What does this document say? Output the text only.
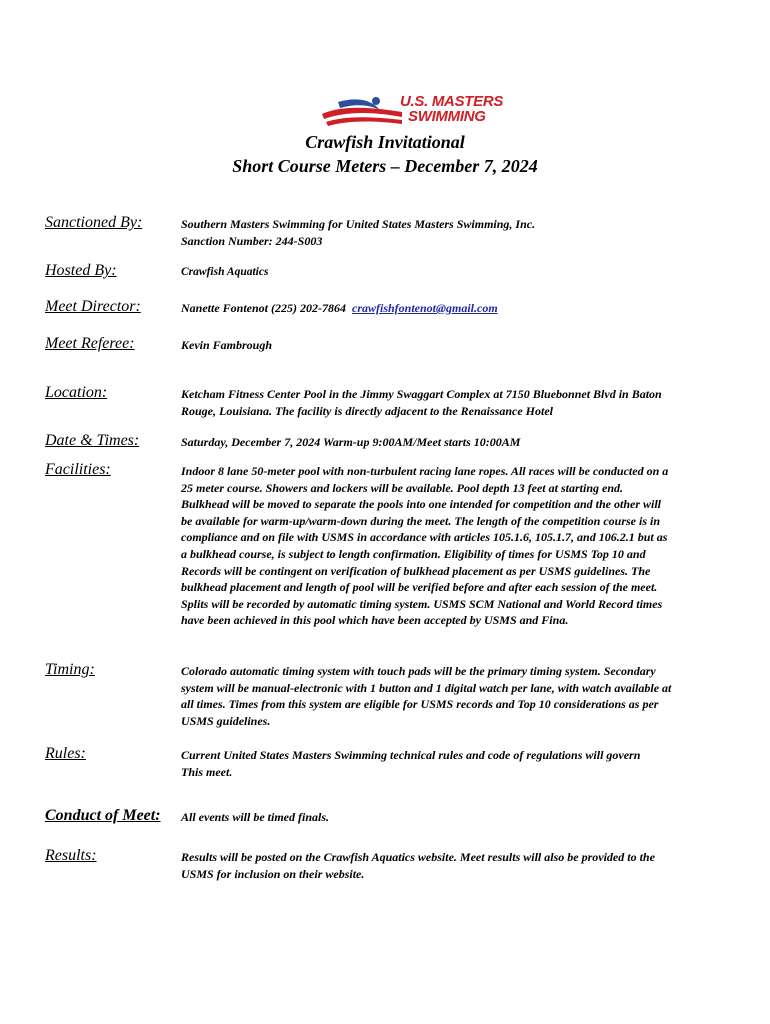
U.S. MASTERS
SWIMMING
Crawfish Invitational
Short Course Meters – December 7, 2024
Sanctioned By:	Southern Masters Swimming for United States Masters Swimming, Inc.
Sanction Number: 244-S003
Hosted By:	Crawfish Aquatics
Meet Director:	Nanette Fontenot (225) 202-7864 crawfishfontenot@gmail.com
Meet Referee:	Kevin Fambrough
Location:	Ketcham Fitness Center Pool in the Jimmy Swaggart Complex at 7150 Bluebonnet Blvd in Baton
Rouge, Louisiana. The facility is directly adjacent to the Renaissance Hotel
Date & Times:	Saturday, December 7, 2024 Warm-up 9:00AM/Meet starts 10:00AM
Facilities:	Indoor 8 lane 50-meter pool with non-turbulent racing lane ropes. All races will be conducted on a
25 meter course. Showers and lockers will be available. Pool depth 13 feet at starting end.
Bulkhead will be moved to separate the pools into one intended for competition and the other will
be available for warm-up/warm-down during the meet. The length of the competition course is in
compliance and on file with USMS in accordance with articles 105.1.6, 105.1.7, and 106.2.1 but as
a bulkhead course, is subject to length confirmation. Eligibility of times for USMS Top 10 and
Records will be contingent on verification of bulkhead placement as per USMS guidelines. The
bulkhead placement and length of pool will be verified before and after each session of the meet.
Splits will be recorded by automatic timing system. USMS SCM National and World Record times
have been achieved in this pool which have been accepted by USMS and Fina.
Timing:	Colorado automatic timing system with touch pads will be the primary timing system. Secondary
system will be manual-electronic with 1 button and 1 digital watch per lane, with watch available at
all times. Times from this system are eligible for USMS records and Top 10 considerations as per
USMS guidelines.
Rules:	Current United States Masters Swimming technical rules and code of regulations will govern
This meet.
Conduct of Meet: All events will be timed finals.
Results:	Results will be posted on the Crawfish Aquatics website. Meet results will also be provided to the
USMS for inclusion on their website.
